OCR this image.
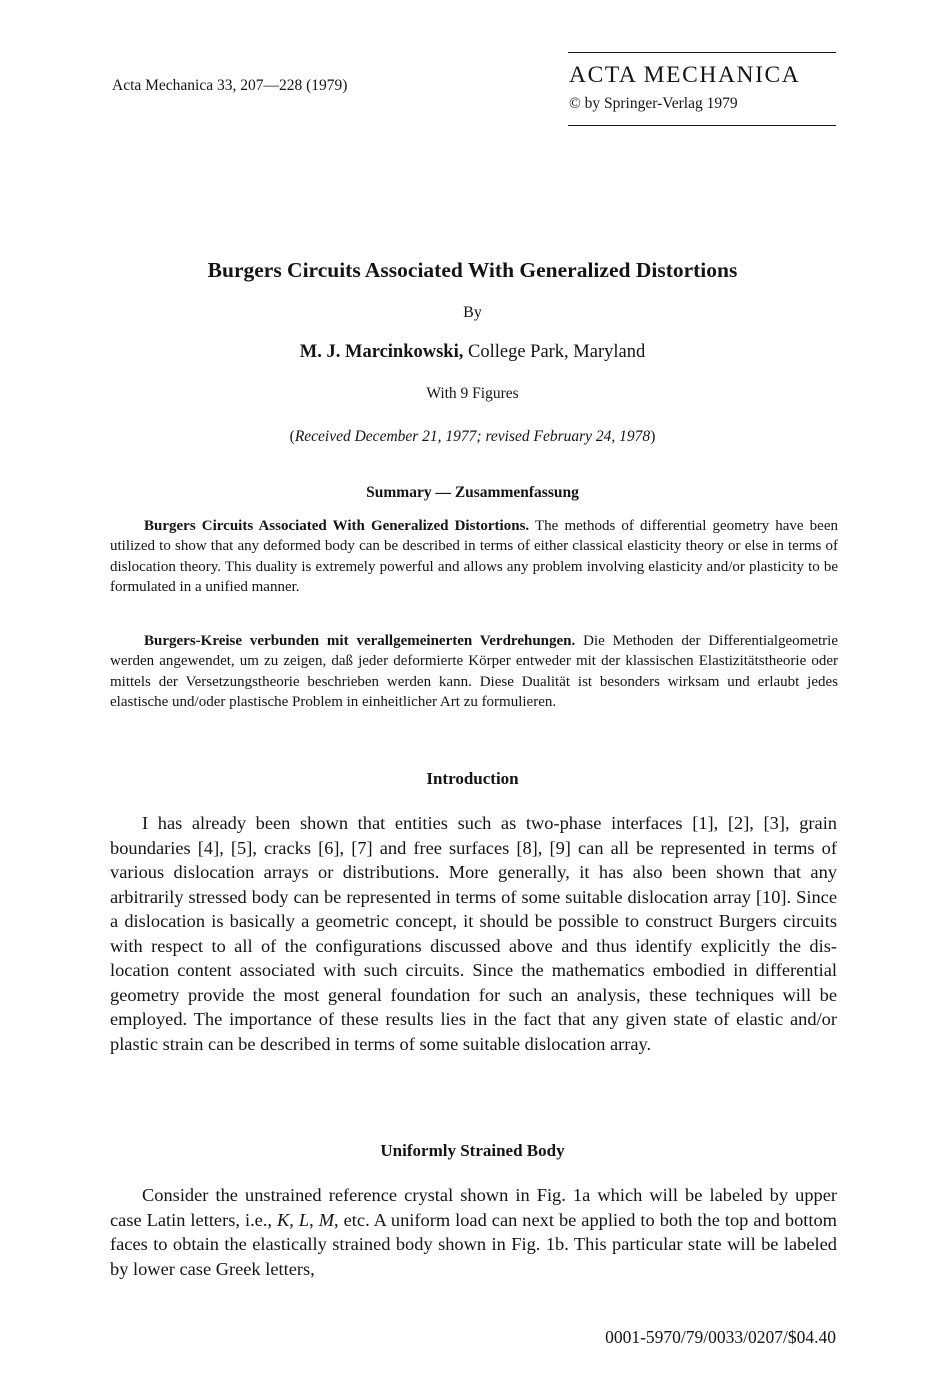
Acta Mechanica 33, 207—228 (1979)	ACTA MECHANICA
© by Springer-Verlag 1979
Burgers Circuits Associated With Generalized Distortions
By
M. J. Marcinkowski, College Park, Maryland
With 9 Figures
(Received December 21, 1977; revised February 24, 1978)
Summary — Zusammenfassung

Burgers Circuits Associated With Generalized Distortions. The methods of differential geometry have been utilized to show that any deformed body can be described in terms of either classical elasticity theory or else in terms of dislocation theory. This duality is extremely powerful and allows any problem involving elasticity and/or plasticity to be formulated in a unified manner.

Burgers-Kreise verbunden mit verallgemeinerten Verdrehungen. Die Methoden der Differentialgeometrie werden angewendet, um zu zeigen, daß jeder deformierte Körper entweder mit der klassischen Elastizitätstheorie oder mittels der Versetzungstheorie beschrieben werden kann. Diese Dualität ist besonders wirksam und erlaubt jedes elastische und/oder plastische Problem in einheitlicher Art zu formulieren.

Introduction

I has already been shown that entities such as two-phase interfaces [1], [2], [3], grain boundaries [4], [5], cracks [6], [7] and free surfaces [8], [9] can all be represented in terms of various dislocation arrays or distributions. More generally, it has also been shown that any arbitrarily stressed body can be represented in terms of some suitable dislocation array [10]. Since a dislocation is basically a geometric concept, it should be possible to construct Burgers circuits with respect to all of the configurations discussed above and thus identify explicitly the dis-location content associated with such circuits. Since the mathematics embodied in differential geometry provide the most general foundation for such an analysis, these techniques will be employed. The importance of these results lies in the fact that any given state of elastic and/or plastic strain can be described in terms of some suitable dislocation array.

Uniformly Strained Body

Consider the unstrained reference crystal shown in Fig. 1a which will be labeled by upper case Latin letters, i.e., K, L, M, etc. A uniform load can next be applied to both the top and bottom faces to obtain the elastically strained body shown in Fig. 1b. This particular state will be labeled by lower case Greek letters,

0001-5970/79/0033/0207/$04.40
